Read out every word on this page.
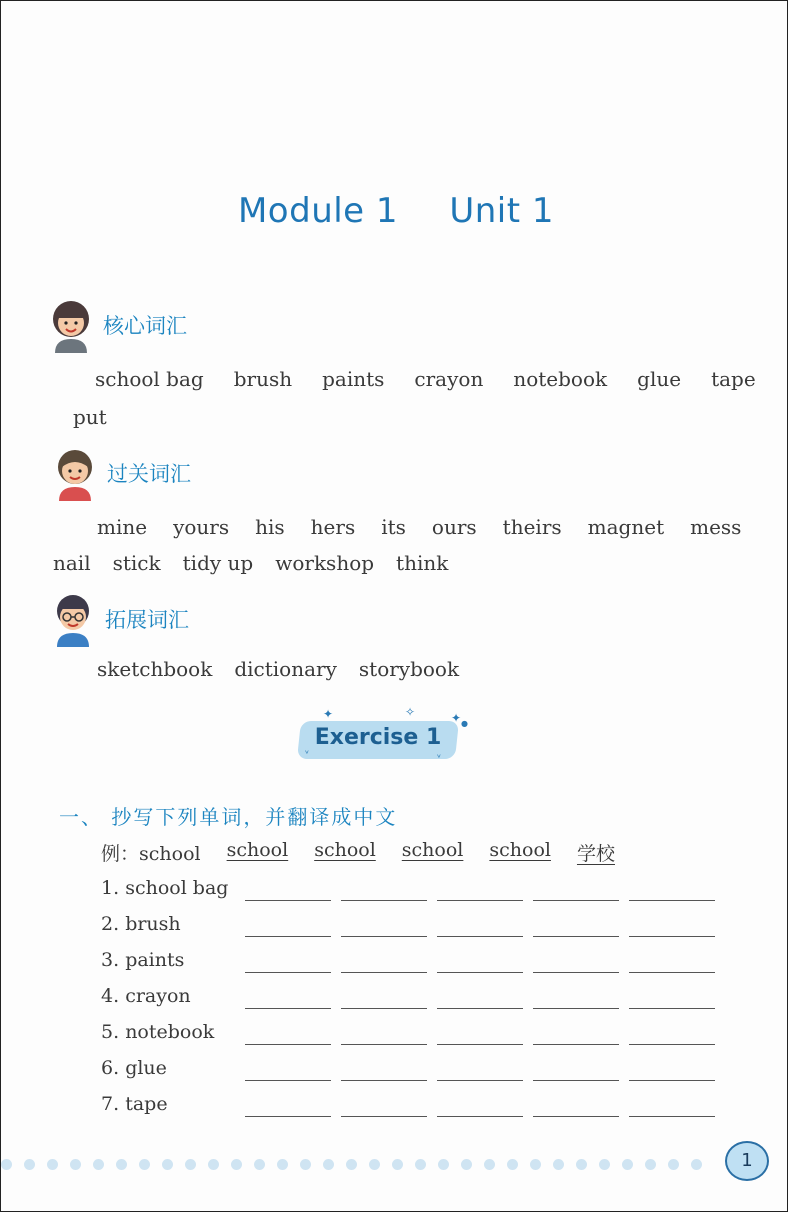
Module 1 Unit 1
核心词汇
school bag brush paints crayon notebook glue tape
put
过关词汇
mine yours his hers its ours theirs magnet mess
nail stick tidy up workshop think
拓展词汇
sketchbook dictionary storybook
Exercise 1
✦	✧	✦ ●
ᵛ	ᵛ
一、 抄写下列单词，并翻译成中文
例：school school school school school 学校
1. school bag
2. brush
3. paints
4. crayon
5. notebook
6. glue
7. tape
1
